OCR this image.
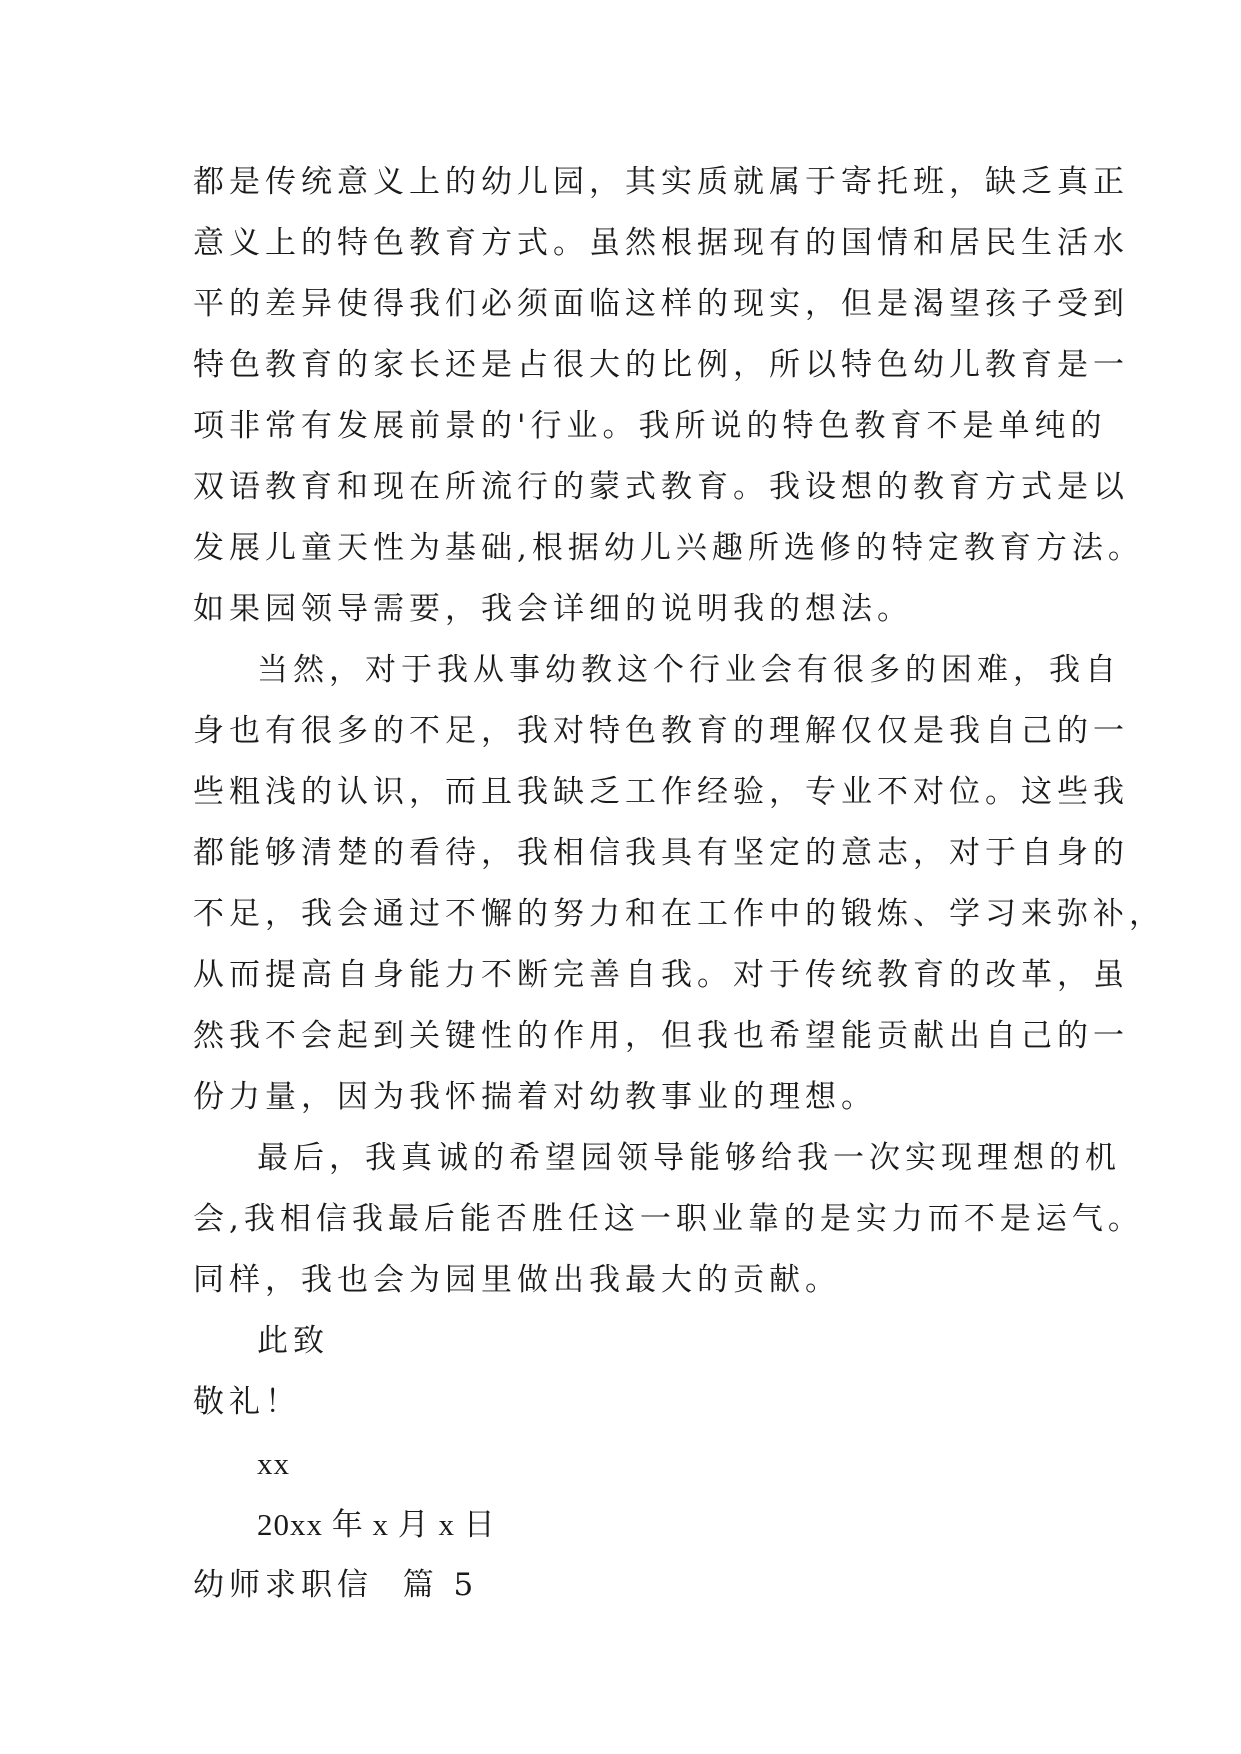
都是传统意义上的幼儿园，其实质就属于寄托班，缺乏真正
意义上的特色教育方式。虽然根据现有的国情和居民生活水
平的差异使得我们必须面临这样的现实，但是渴望孩子受到
特色教育的家长还是占很大的比例，所以特色幼儿教育是一
项非常有发展前景的'行业。我所说的特色教育不是单纯的
双语教育和现在所流行的蒙式教育。我设想的教育方式是以
发展儿童天性为基础,根据幼儿兴趣所选修的特定教育方法。
如果园领导需要，我会详细的说明我的想法。
当然，对于我从事幼教这个行业会有很多的困难，我自
身也有很多的不足，我对特色教育的理解仅仅是我自己的一
些粗浅的认识，而且我缺乏工作经验，专业不对位。这些我
都能够清楚的看待，我相信我具有坚定的意志，对于自身的
不足，我会通过不懈的努力和在工作中的锻炼、学习来弥补，
从而提高自身能力不断完善自我。对于传统教育的改革，虽
然我不会起到关键性的作用，但我也希望能贡献出自己的一
份力量，因为我怀揣着对幼教事业的理想。
最后，我真诚的希望园领导能够给我一次实现理想的机
会,我相信我最后能否胜任这一职业靠的是实力而不是运气。
同样，我也会为园里做出我最大的贡献。
此致
敬礼！
xx
20xx 年 x 月 x 日
幼师求职信  篇 5
